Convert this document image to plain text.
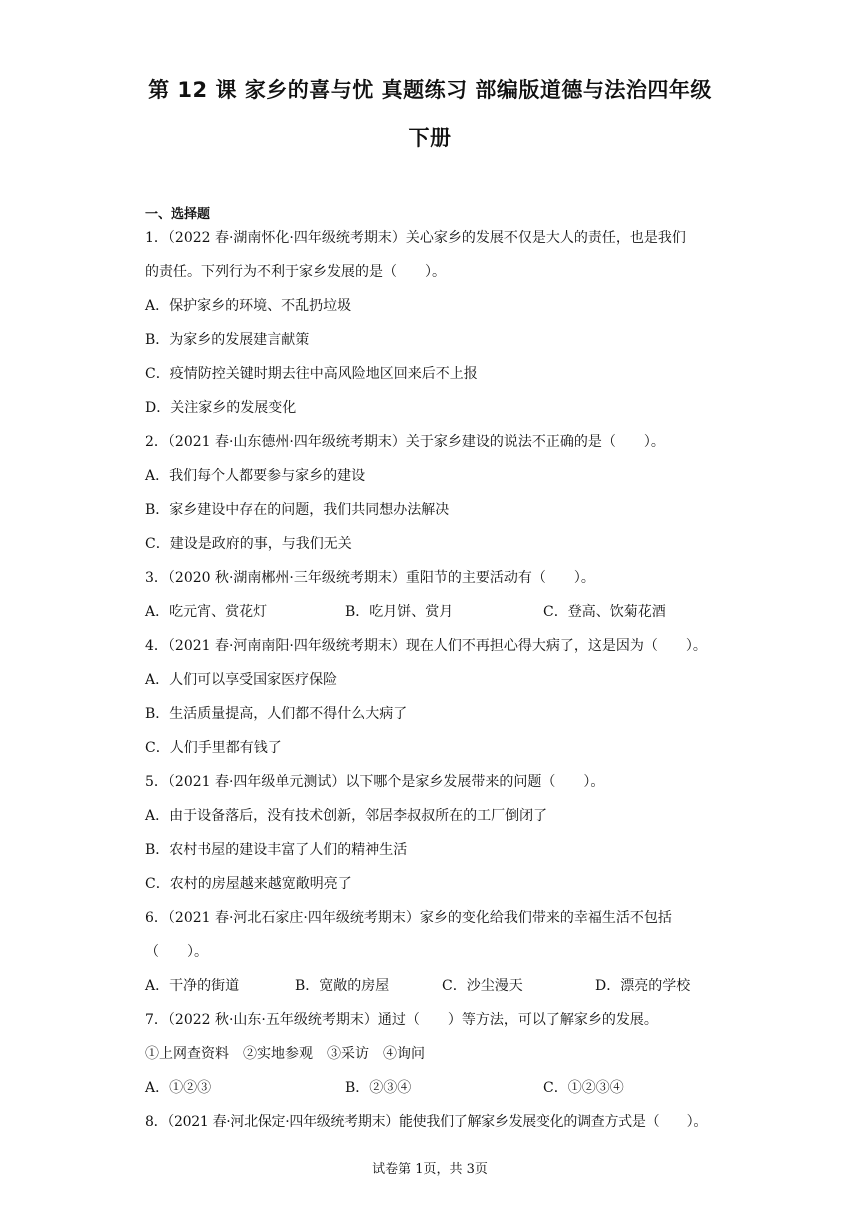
第 12 课 家乡的喜与忧 真题练习 部编版道德与法治四年级
下册
一、选择题
1．（2022 春·湖南怀化·四年级统考期末）关心家乡的发展不仅是大人的责任，也是我们
的责任。下列行为不利于家乡发展的是（　　）。
A．保护家乡的环境、不乱扔垃圾
B．为家乡的发展建言献策
C．疫情防控关键时期去往中高风险地区回来后不上报
D．关注家乡的发展变化
2．（2021 春·山东德州·四年级统考期末）关于家乡建设的说法不正确的是（　　）。
A．我们每个人都要参与家乡的建设
B．家乡建设中存在的问题，我们共同想办法解决
C．建设是政府的事，与我们无关
3．（2020 秋·湖南郴州·三年级统考期末）重阳节的主要活动有（　　）。
A．吃元宵、赏花灯	B．吃月饼、赏月	C．登高、饮菊花酒
4．（2021 春·河南南阳·四年级统考期末）现在人们不再担心得大病了，这是因为（　　）。
A．人们可以享受国家医疗保险
B．生活质量提高，人们都不得什么大病了
C．人们手里都有钱了
5．（2021 春·四年级单元测试）以下哪个是家乡发展带来的问题（　　）。
A．由于设备落后，没有技术创新，邻居李叔叔所在的工厂倒闭了
B．农村书屋的建设丰富了人们的精神生活
C．农村的房屋越来越宽敞明亮了
6．（2021 春·河北石家庄·四年级统考期末）家乡的变化给我们带来的幸福生活不包括
（　　）。
A．干净的街道	B．宽敞的房屋	C．沙尘漫天	D．漂亮的学校
7．（2022 秋·山东·五年级统考期末）通过（　　）等方法，可以了解家乡的发展。
①上网查资料　②实地参观　③采访　④询问
A．①②③	B．②③④	C．①②③④
8．（2021 春·河北保定·四年级统考期末）能使我们了解家乡发展变化的调查方式是（　　）。
试卷第 1页，共 3页
